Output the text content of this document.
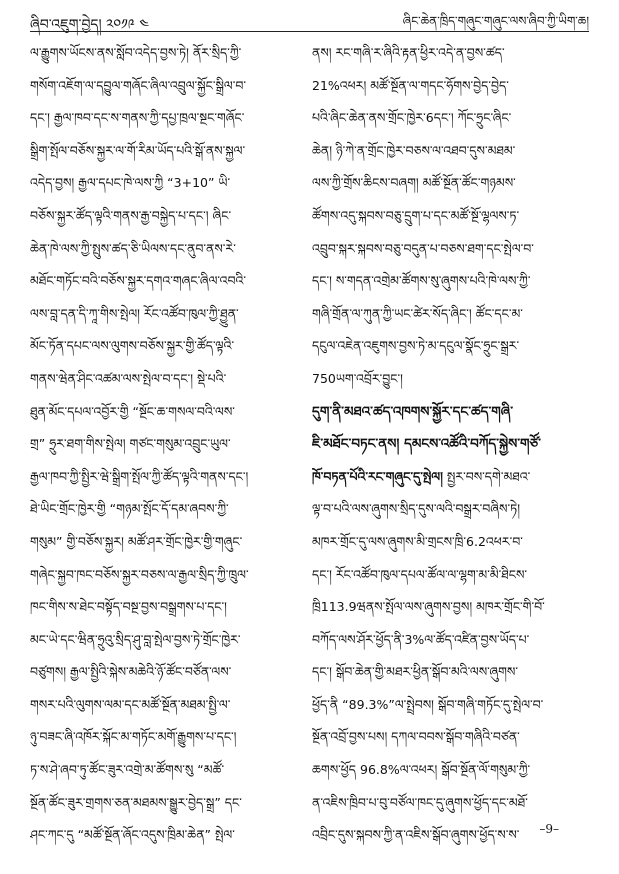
ཞིབ་འཇུག་བྱེད། ༢༠༡༩ ༤	ཞིང་ཆེན་ཁྲིད་གཞུང་གཞུང་ལས་ཞིབ་ཀྱི་ཡིག་ཆ།
ལ་རྒྱུགས་ཡོངས་ནས་སློབ་འདེད་བྱས་ཏེ། ནོར་སྲིད་ཀྱི་
གསོག་འཇོག་ལ་དབྱུལ་གཞོང་ཞིལ་འབྲུལ་སྐྱོང་སྒྲིལ་བ་
དང་། རྒྱལ་ཁབ་དང་ས་གནས་ཀྱི་དཔྱ་ཁྲལ་སྔང་གཞོང་
སྒྲིག་སྤོལ་བཅོས་སྐྱར་ལ་གོ་རིམ་ཡོད་པའི་སྒོ་ནས་སྐྱལ་
འདེད་བྱས། རྒྱལ་དཔང་ཁེ་ལས་ཀྱི “3+10” ཡི་
བཅོས་སྐྱར་ཚོད་ལྟའི་གནས་རྒྱ་བསྐྱེད་པ་དང་། ཞིང་
ཆེན་ཁེ་ལས་ཀྱི་སྤུས་ཚད་ཅི་ཡིལས་དང་ནུབ་ནས་རེ་
མཐོང་གཏོང་བའི་བཅོས་སྐྱར་དགའ་གཞང་ཞིལ་འབའི་
ལས་བླ་དན་དི་ཀཱ་གིས་སྤེལ། རོང་འཚོབ་ཁུལ་ཀྱི་ཐྱུན་
མོང་ཏོན་དཔང་ལས་ལུགས་བཅོས་སྐྱར་གྱི་ཚོད་ལྟའི་
གནས་ཝེན་ཤིང་འཚམ་ལས་སྤེལ་བ་དང་། སྡེ་པའི་
ཐུན་མོང་དཔལ་འབྱོར་གྱི “སྔོང་ཆ་གསལ་བའི་ལས་
གྲ” ཧྲུར་ཐག་གིས་སྤེལ། གཙང་གསུམ་འབྲུང་ཡུལ་
རྒྱལ་ཁབ་ཀྱི་སྤྱིར་ཝེ་སྒྲིག་སྤོལ་ཀྱི་ཚོད་ལྟའི་གནས་དང་།
ཐེ་ཡིང་གྲོང་ཁྱེར་གྱི “གཉམ་སྤོང་དོ་དམ་ཞབས་ཀྱི་
གསུམ” གྱི་བཅོས་སྐྱར། མཚོ་ཤར་གྲོང་ཁྱེར་གྱི་གཞུང་
གཞེང་སྐྱབ་ཁང་བཅོས་སྐྱར་བཅས་ལ་རྒྱལ་སྲིད་ཀྱི་ཁྲུལ་
ཁང་གིས་ས་ཐེང་བསྟོད་བསྔ་བྱས་བསྒྲགས་པ་དང་།
མང་ཡེ་དང་ཝིན་ཧྲུའུ་སྲིད་ཤུ་བླ་སྤེལ་བྱས་ཏེ་གྲོང་ཁྱེར་
བཙུགས། རྒྱལ་སྤྱིའི་སྐེས་མཆེའི་ཉོ་ཚོང་བཙོན་ལས་
གསར་པའི་ལུགས་ལམ་དང་མཚོ་སྔོན་མཐམ་སྤྱི་ལ་
ཉུ་བཟང་ཞི་འཁོར་སྐོང་མ་གཏོང་མགོ་རྒྱུགས་པ་དང་།
ཏ་ས་ཤེ་ཞབ་ཏུ་ཚོང་ཟུར་འགྲེ་མ་ཚོགས་སུ “མཚོ་
སྔོན་ཚོང་ཟུར་གྲགས་ཅན་མཐམས་སྒྱུར་བྱེད་སྒྲ” དང་
ཤང་ཀང་དུ “མཚོ་སྔོན་ཞོང་འདུས་ཁྲིམ་ཆེན” སྤེལ་
ནས། རང་གཞི་ར་ཞིའི་རྟན་ཕྱིར་འདེ་ན་བྱས་ཚད་
21%འཕར། མཚོ་སྔོན་ལ་གདང་ཧོགས་བྱེད་བྱེད་
པའི་ཞིང་ཆེན་ནས་གྲོང་ཁྱེར་6དང་། ཀོང་ཧྲུང་ཞིང་
ཆེན། ཉི་ཀེ་ན་གྲོང་ཁྱེར་བཅས་ལ་འཐབ་དུས་མཐམ་
ལས་ཀྱི་གྲོས་ཆིངས་བཞག། མཚོ་སྔོན་ཚོང་གཉམས་
ཚོགས་འདུ་སྐབས་བཅུ་དྲུག་པ་དང་མཚོ་སྔོ་ལྷལས་ཏ་
འབྲུབ་སྐར་སྐབས་བཅུ་བདུན་པ་བཅས་ཐག་དང་སྤེལ་བ་
དང་། ས་གདན་འགྲེམ་ཚོགས་སུ་ཞུགས་པའི་ཁེ་ལས་ཀྱི་
གཞི་གྲོན་ལ་ཀུན་ཀྱི་ཡང་ཚེར་སོད་ཞིང་། ཚོང་དང་མ་
དངུལ་འཇེན་འཇུགས་བྱས་ཏེ་མ་དངུལ་སྣོང་ཧྲུང་སྒྲར་
750ཡག་འབྲོར་བྱུང་།
དུག་ནི་མཐའ་ཚད་འཁགས་སྐྱོར་དང་ཚད་གཞི་
ཇི་མཐོང་བཏང་ནས། དམངས་འཚོའི་བཀོད་སྐྱེས་གཙོ་
ཁོ་བཏན་པོའི་རང་གཞུང་དུ་སྤེལ། སྤྱར་བས་དགེ་མཐའ་
ལྟ་བ་པའི་ལས་ཞུགས་སྲིད་དུས་ལའི་བསྒྲར་བཞིས་ཏེ།
མཁར་གྲོང་དུ་ལས་ཞུགས་མི་གྲངས་ཁྲི་6.2འཕར་བ་
དང་། རོང་འཚོབ་ཁུལ་དཔལ་ཚོལ་ལ་ལྷག་མ་མི་ཐིངས་
ཁྲི113.9ཝནས་སྤོལ་ལས་ཞུགས་བྱས། མཁར་གྲོང་གི་བོ་
བཀོད་ལས་ཤོར་ཕྱོད་ནི་3%ལ་ཚོད་འཛིན་བྱས་ཡོད་པ་
དང་། སྒོབ་ཆེན་གྱི་མཐར་ཕྱིན་སྒོབ་མའི་ལས་ཞུགས་
ཕྱོད་ནི “89.3%”ལ་སྤྲེབས། སྒོབ་གཞི་གཏོང་དུ་སྤེལ་བ་
སྔོན་འབྲོ་བྱས་པས། དཀལ་བབས་སྒོབ་གཞིའི་བཙན་
ཆགས་ཕྱོད 96.8%ལ་འཕར། སྒོབ་སྔོན་ལོ་གསུམ་ཀྱི་
ན་འཇིས་ཁྲིབ་པ་བུ་བཙོལ་ཁང་དུ་ཞུགས་ཕྱོད་དང་མཐོ་
འབྲིང་དུས་སྐབས་ཀྱི་ན་འཇིས་སྒོབ་ཞུགས་ཕྱོད་ས་ས་	–9–
